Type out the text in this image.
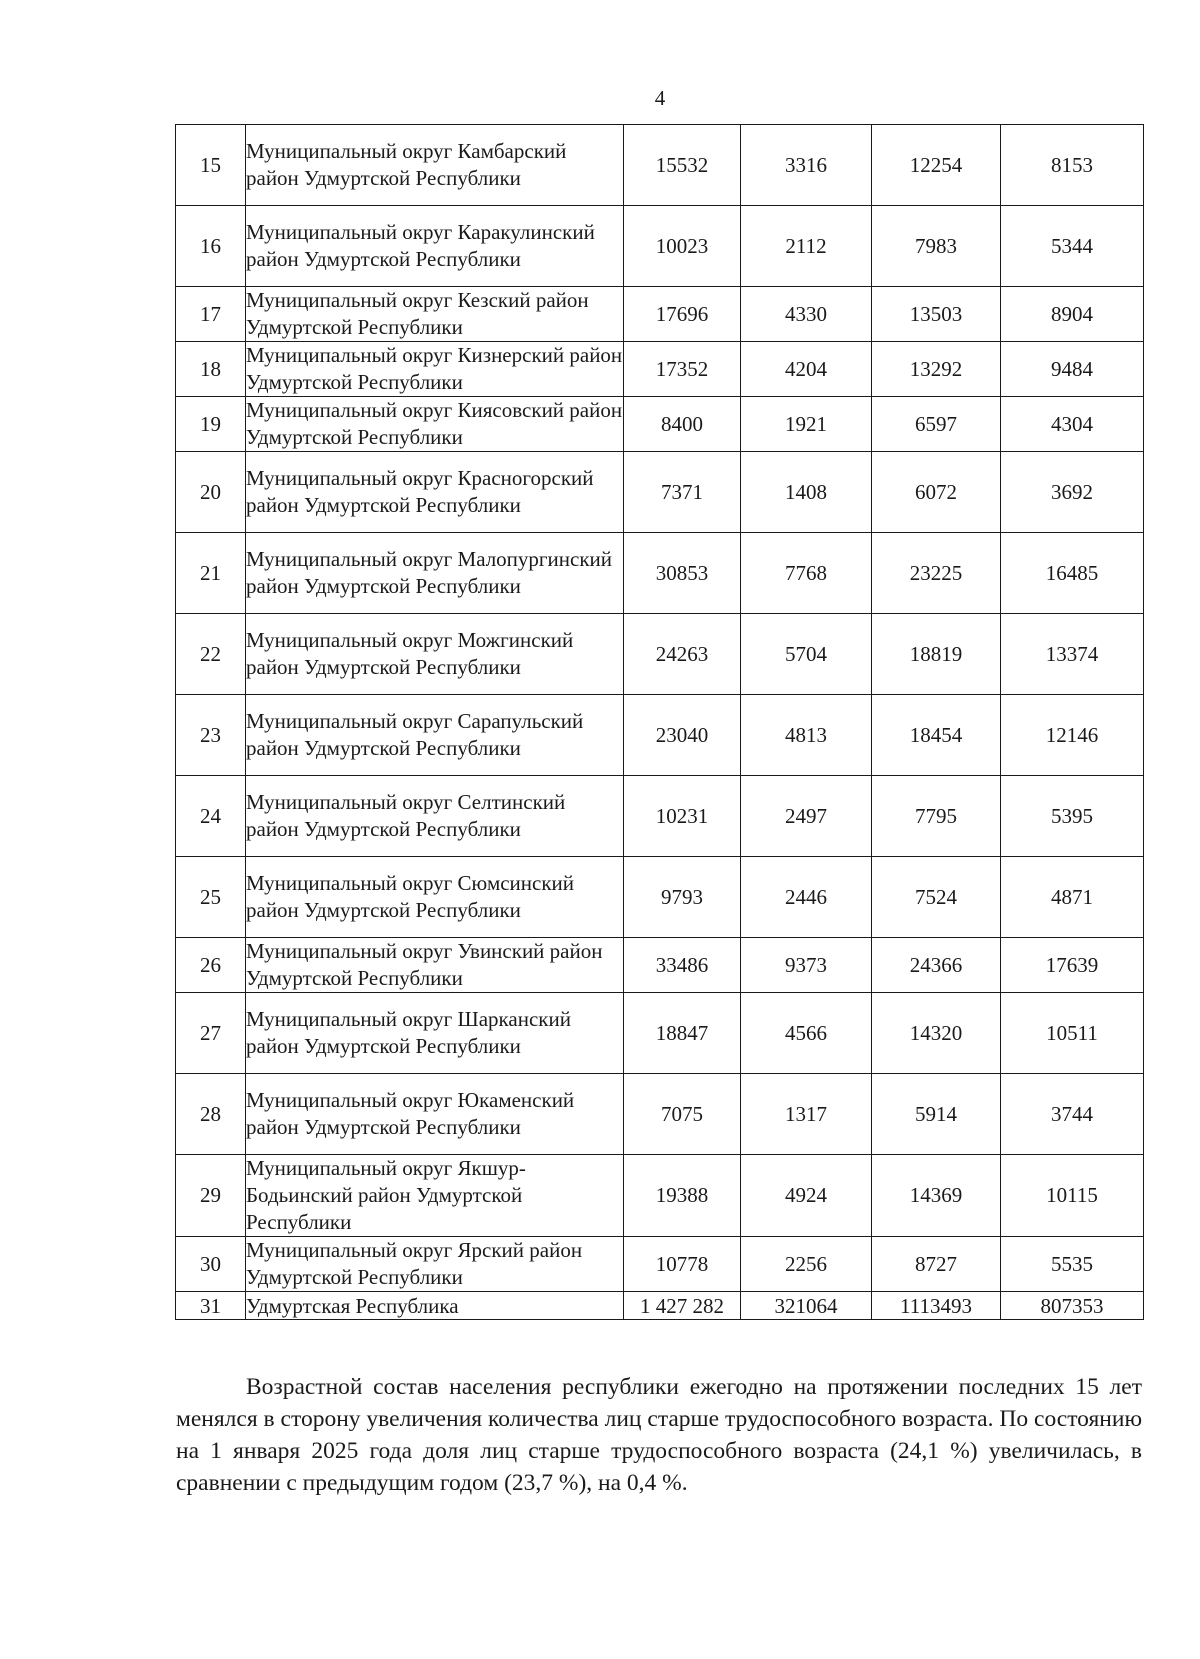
4
15	Муниципальный округ Камбарский район Удмуртской Республики	15532	3316	12254	8153
16	Муниципальный округ Каракулинский район Удмуртской Республики	10023	2112	7983	5344
17	Муниципальный округ Кезский район Удмуртской Республики	17696	4330	13503	8904
18	Муниципальный округ Кизнерский район Удмуртской Республики	17352	4204	13292	9484
19	Муниципальный округ Киясовский район Удмуртской Республики	8400	1921	6597	4304
20	Муниципальный округ Красногорский район Удмуртской Республики	7371	1408	6072	3692
21	Муниципальный округ Малопургинский район Удмуртской Республики	30853	7768	23225	16485
22	Муниципальный округ Можгинский район Удмуртской Республики	24263	5704	18819	13374
23	Муниципальный округ Сарапульский район Удмуртской Республики	23040	4813	18454	12146
24	Муниципальный округ Селтинский район Удмуртской Республики	10231	2497	7795	5395
25	Муниципальный округ Сюмсинский район Удмуртской Республики	9793	2446	7524	4871
26	Муниципальный округ Увинский район Удмуртской Республики	33486	9373	24366	17639
27	Муниципальный округ Шарканский район Удмуртской Республики	18847	4566	14320	10511
28	Муниципальный округ Юкаменский район Удмуртской Республики	7075	1317	5914	3744
29	Муниципальный округ Якшур-Бодьинский район Удмуртской Республики	19388	4924	14369	10115
30	Муниципальный округ Ярский район Удмуртской Республики	10778	2256	8727	5535
31	Удмуртская Республика	1 427 282	321064	1113493	807353

Возрастной состав населения республики ежегодно на протяжении последних 15 лет менялся в сторону увеличения количества лиц старше трудоспособного возраста. По состоянию на 1 января 2025 года доля лиц старше трудоспособного возраста (24,1 %) увеличилась, в сравнении с предыдущим годом (23,7 %), на 0,4 %.
